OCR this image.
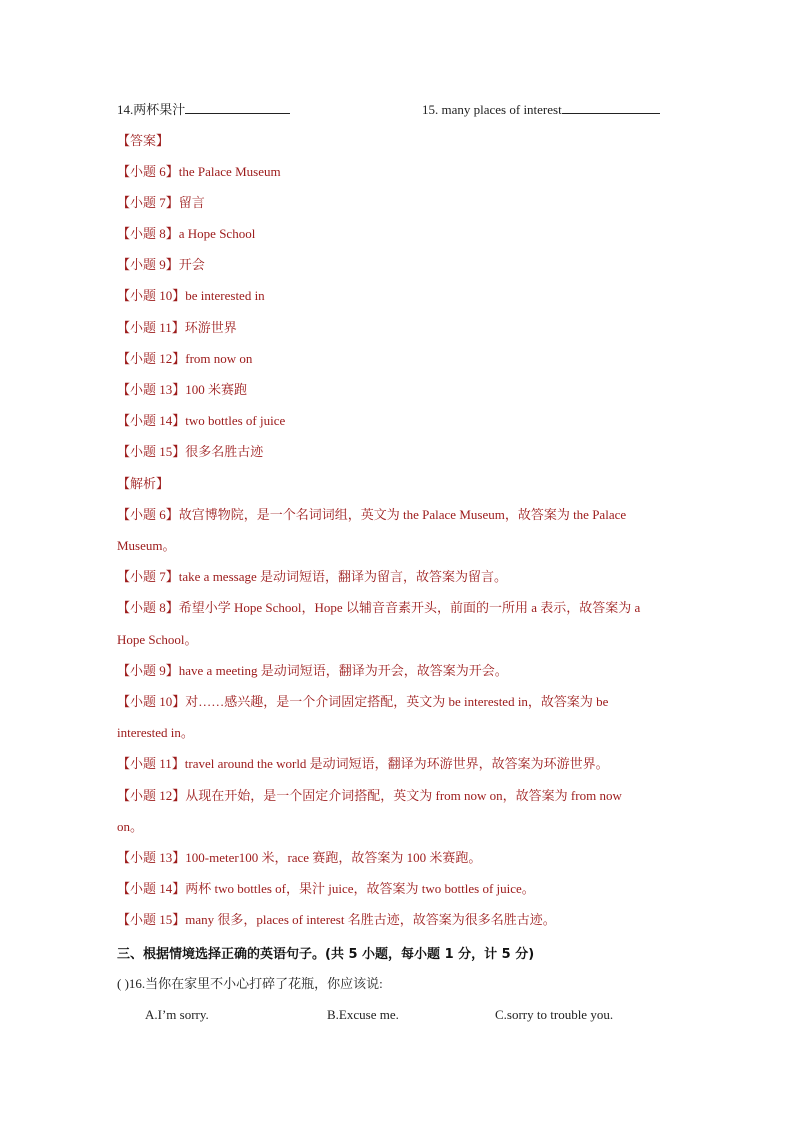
14.两杯果汁	15. many places of interest
【答案】
【小题 6】the Palace Museum
【小题 7】留言
【小题 8】a Hope School
【小题 9】开会
【小题 10】be interested in
【小题 11】环游世界
【小题 12】from now on
【小题 13】100 米赛跑
【小题 14】two bottles of juice
【小题 15】很多名胜古迹
【解析】
【小题 6】故宫博物院，是一个名词词组，英文为 the Palace Museum，故答案为 the Palace
Museum。
【小题 7】take a message 是动词短语，翻译为留言，故答案为留言。
【小题 8】希望小学 Hope School，Hope 以辅音音素开头，前面的一所用 a 表示，故答案为 a
Hope School。
【小题 9】have a meeting 是动词短语，翻译为开会，故答案为开会。
【小题 10】对……感兴趣，是一个介词固定搭配，英文为 be interested in，故答案为 be
interested in。
【小题 11】travel around the world 是动词短语，翻译为环游世界，故答案为环游世界。
【小题 12】从现在开始，是一个固定介词搭配，英文为 from now on，故答案为 from now
on。
【小题 13】100-meter100 米，race 赛跑，故答案为 100 米赛跑。
【小题 14】两杯 two bottles of，果汁 juice，故答案为 two bottles of juice。
【小题 15】many 很多，places of interest 名胜古迹，故答案为很多名胜古迹。
三、根据情境选择正确的英语句子。(共 5 小题，每小题 1 分，计 5 分)
( )16.当你在家里不小心打碎了花瓶，你应该说:
A.I’m sorry.	B.Excuse me.	C.sorry to trouble you.
